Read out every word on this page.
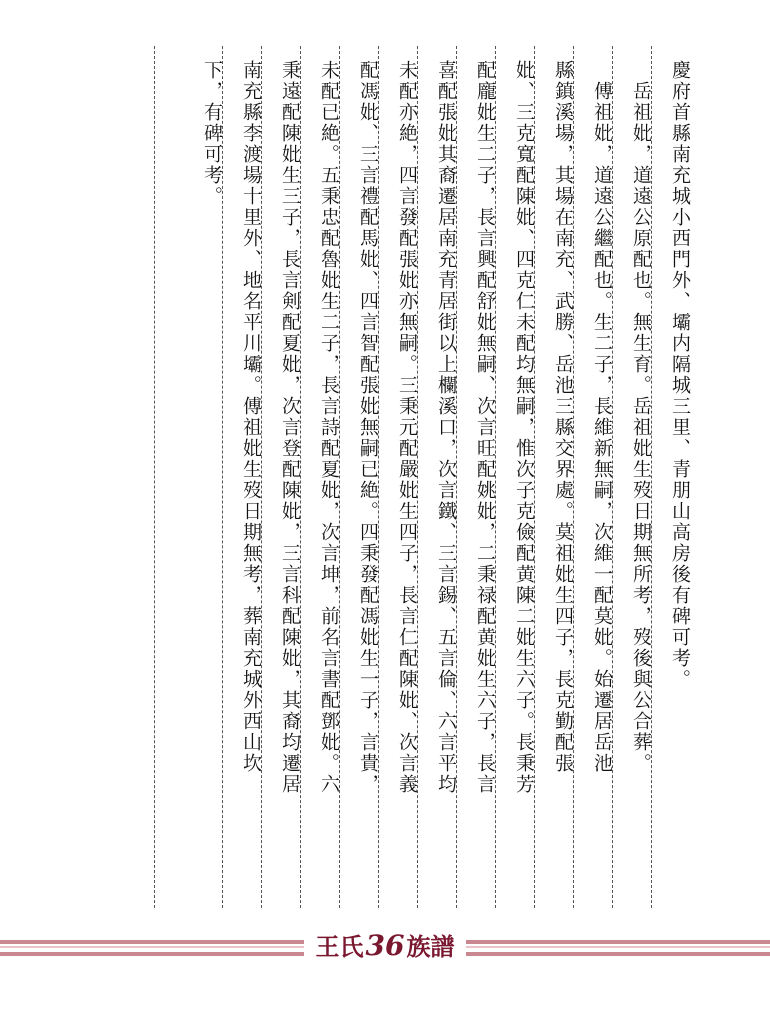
慶府首縣南充城小西門外、壩内隔城三里、青朋山高房後有碑可考。
　岳祖妣，道遠公原配也。無生育。岳祖妣生歿日期無所考，歿後與公合葬。
　傅祖妣，道遠公繼配也。生二子，長維新無嗣，次維一配莫妣。始遷居岳池
縣鎮溪場，其場在南充、武勝、岳池三縣交界處。莫祖妣生四子，長克勤配張
妣、三克寬配陳妣、四克仁未配均無嗣，惟次子克儉配黄陳二妣生六子。長秉芳
配龐妣生二子，長言興配舒妣無嗣、次言旺配姚妣，二秉禄配黄妣生六子，長言
喜配張妣其裔遷居南充青居街以上欄溪口，次言鐵、三言錫、五言倫、六言平均
未配亦絶，四言發配張妣亦無嗣。三秉元配嚴妣生四子，長言仁配陳妣、次言義
配馮妣、三言禮配馬妣、四言智配張妣無嗣已絶。四秉發配馮妣生一子，言貴，
未配已絶。五秉忠配魯妣生二子，長言詩配夏妣，次言坤，前名言書配鄧妣。六
秉遠配陳妣生三子，長言剣配夏妣，次言登配陳妣，三言科配陳妣，其裔均遷居
南充縣李渡場十里外、地名平川壩。傅祖妣生歿日期無考，葬南充城外西山坎
下，有碑可考。
王氏36族譜
